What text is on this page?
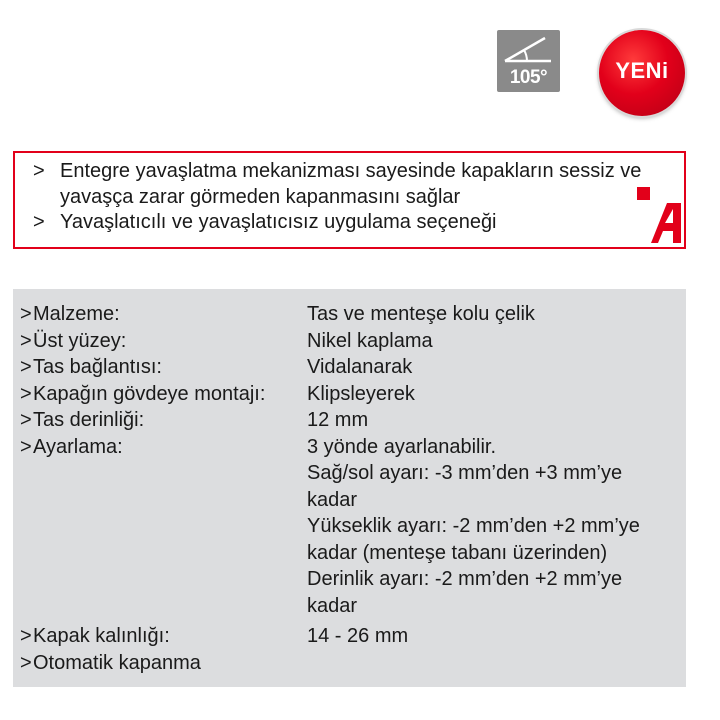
105°	YENi
> Entegre yavaşlatma mekanizması sayesinde kapakların sessiz ve yavaşça zarar görmeden kapanmasını sağlar
> Yavaşlatıcılı ve yavaşlatıcısız uygulama seçeneği
>Malzeme:	Tas ve menteşe kolu çelik
>Üst yüzey:	Nikel kaplama
>Tas bağlantısı:	Vidalanarak
>Kapağın gövdeye montajı: Klipsleyerek
>Tas derinliği:	12 mm
>Ayarlama:	3 yönde ayarlanabilir.
Sağ/sol ayarı: -3 mm’den +3 mm’ye
kadar
Yükseklik ayarı: -2 mm’den +2 mm’ye
kadar (menteşe tabanı üzerinden)
Derinlik ayarı: -2 mm’den +2 mm’ye
kadar
>Kapak kalınlığı:	14 - 26 mm
>Otomatik kapanma
